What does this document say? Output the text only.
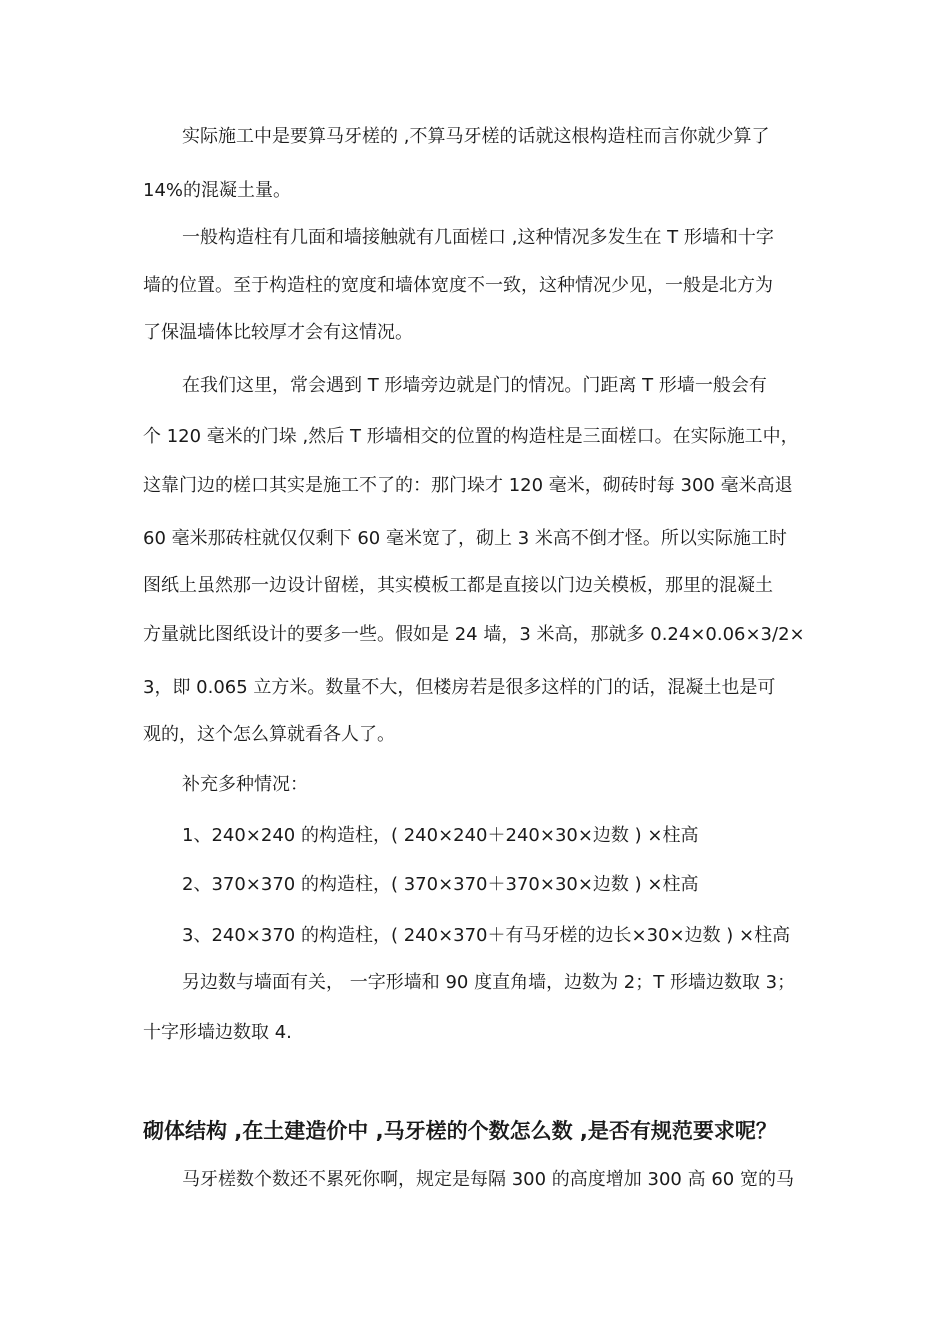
实际施工中是要算马牙槎的 ,不算马牙槎的话就这根构造柱而言你就少算了
14%的混凝土量。
一般构造柱有几面和墙接触就有几面槎口 ,这种情况多发生在 T 形墙和十字
墙的位置。至于构造柱的宽度和墙体宽度不一致，这种情况少见，一般是北方为
了保温墙体比较厚才会有这情况。
在我们这里，常会遇到 T 形墙旁边就是门的情况。门距离 T 形墙一般会有
个 120 毫米的门垛 ,然后 T 形墙相交的位置的构造柱是三面槎口。在实际施工中，
这靠门边的槎口其实是施工不了的：那门垛才 120 毫米，砌砖时每 300 毫米高退
60 毫米那砖柱就仅仅剩下 60 毫米宽了，砌上 3 米高不倒才怪。所以实际施工时
图纸上虽然那一边设计留槎，其实模板工都是直接以门边关模板，那里的混凝土
方量就比图纸设计的要多一些。假如是 24 墙，3 米高，那就多 0.24×0.06×3/2×
3，即 0.065 立方米。数量不大，但楼房若是很多这样的门的话，混凝土也是可
观的，这个怎么算就看各人了。
补充多种情况：
1、240×240 的构造柱，( 240×240＋240×30×边数 ) ×柱高
2、370×370 的构造柱，( 370×370＋370×30×边数 ) ×柱高
3、240×370 的构造柱，( 240×370＋有马牙槎的边长×30×边数 ) ×柱高
另边数与墙面有关， 一字形墙和 90 度直角墙，边数为 2；T 形墙边数取 3；
十字形墙边数取 4.
砌体结构 ,在土建造价中 ,马牙槎的个数怎么数 ,是否有规范要求呢？
马牙槎数个数还不累死你啊，规定是每隔 300 的高度增加 300 高 60 宽的马
